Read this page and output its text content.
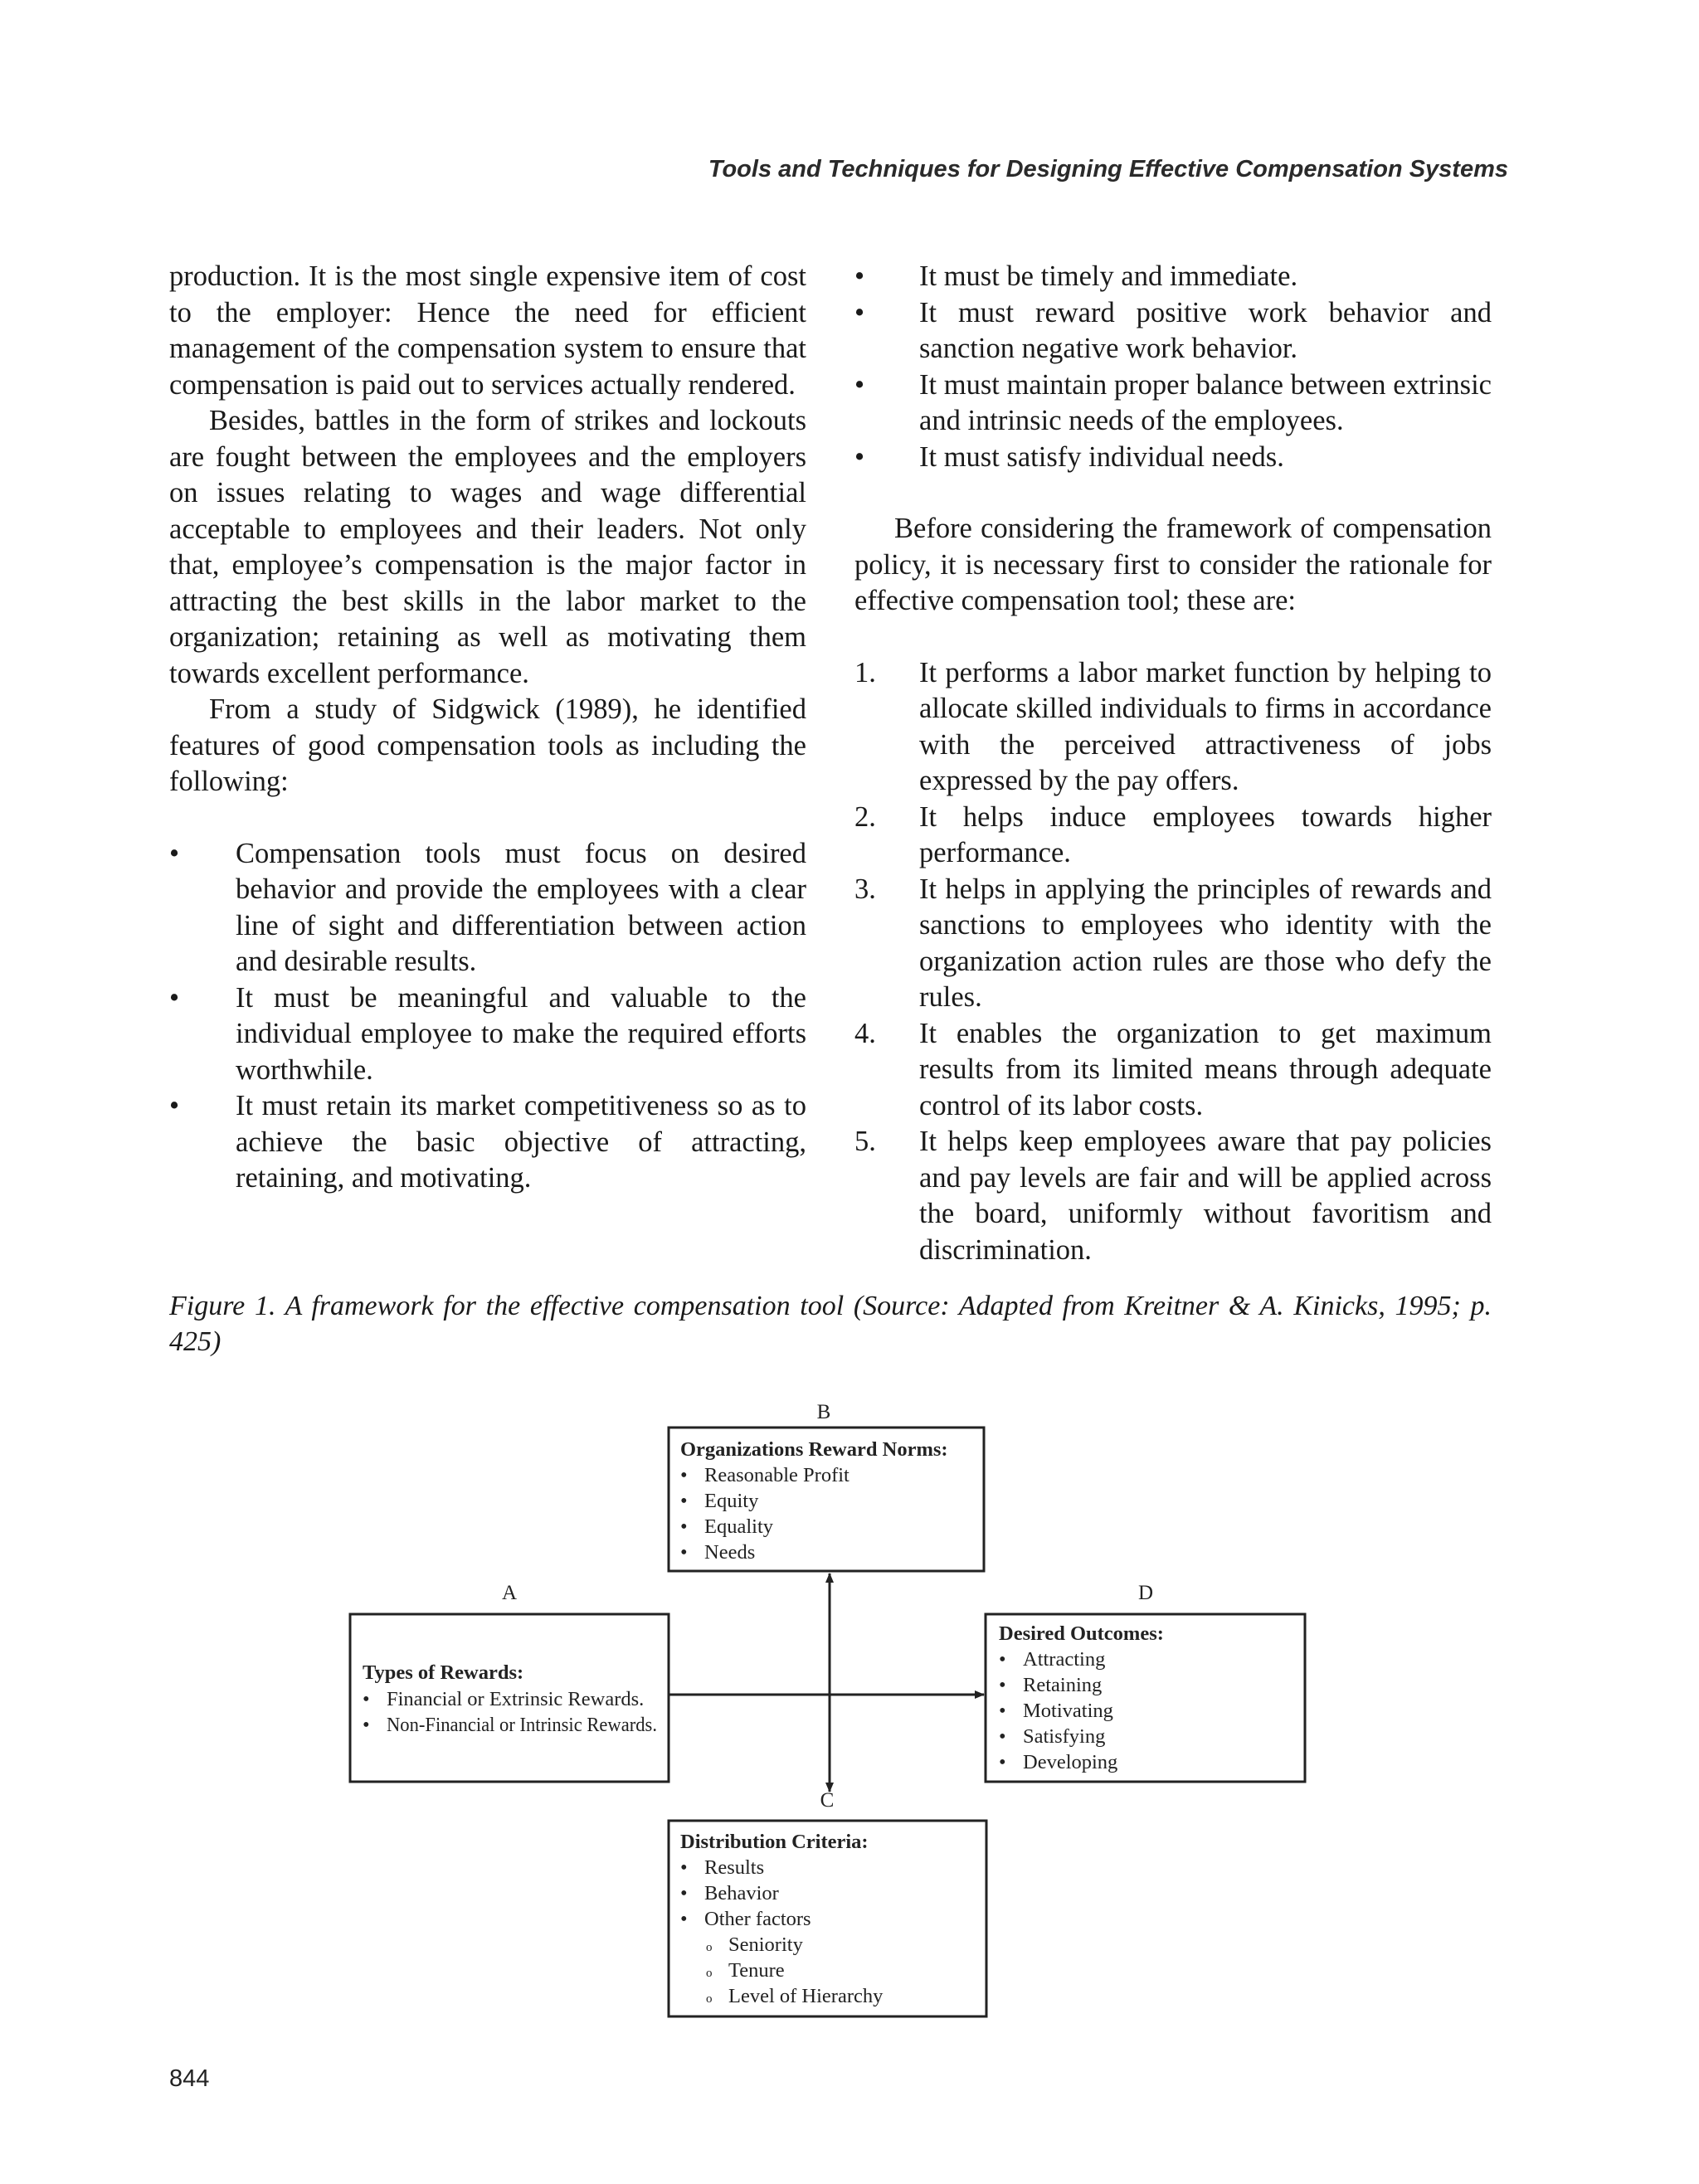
Tools and Techniques for Designing Effective Compensation Systems

production. It is the most single expensive item of cost to the employer: Hence the need for efficient management of the compensation system to ensure that compensation is paid out to services actually rendered.

Besides, battles in the form of strikes and lockouts are fought between the employees and the employers on issues relating to wages and wage differential acceptable to employees and their leaders. Not only that, employee’s compensation is the major factor in attracting the best skills in the labor market to the organization; retaining as well as motivating them towards excellent performance.

From a study of Sidgwick (1989), he identified features of good compensation tools as including the following:

• Compensation tools must focus on desired behavior and provide the employees with a clear line of sight and differentiation between action and desirable results.
• It must be meaningful and valuable to the individual employee to make the required efforts worthwhile.
• It must retain its market competitiveness so as to achieve the basic objective of attracting, retaining, and motivating.
• It must be timely and immediate.
• It must reward positive work behavior and sanction negative work behavior.
• It must maintain proper balance between extrinsic and intrinsic needs of the employees.
• It must satisfy individual needs.

Before considering the framework of compensation policy, it is necessary first to consider the rationale for effective compensation tool; these are:

1. It performs a labor market function by helping to allocate skilled individuals to firms in accordance with the perceived attractiveness of jobs expressed by the pay offers.
2. It helps induce employees towards higher performance.
3. It helps in applying the principles of rewards and sanctions to employees who identity with the organization action rules are those who defy the rules.
4. It enables the organization to get maximum results from its limited means through adequate control of its labor costs.
5. It helps keep employees aware that pay policies and pay levels are fair and will be applied across the board, uniformly without favoritism and discrimination.
Figure 1. A framework for the effective compensation tool (Source: Adapted from Kreitner & A. Kinicks, 1995; p. 425)
B
Organizations Reward Norms:
• Reasonable Profit
• Equity
• Equality
• Needs
A
Types of Rewards:
• Financial or Extrinsic Rewards.
• Non-Financial or Intrinsic Rewards.
D
Desired Outcomes:
• Attracting
• Retaining
• Motivating
• Satisfying
• Developing
C
Distribution Criteria:
• Results
• Behavior
• Other factors
o Seniority
o Tenure
o Level of Hierarchy
844
